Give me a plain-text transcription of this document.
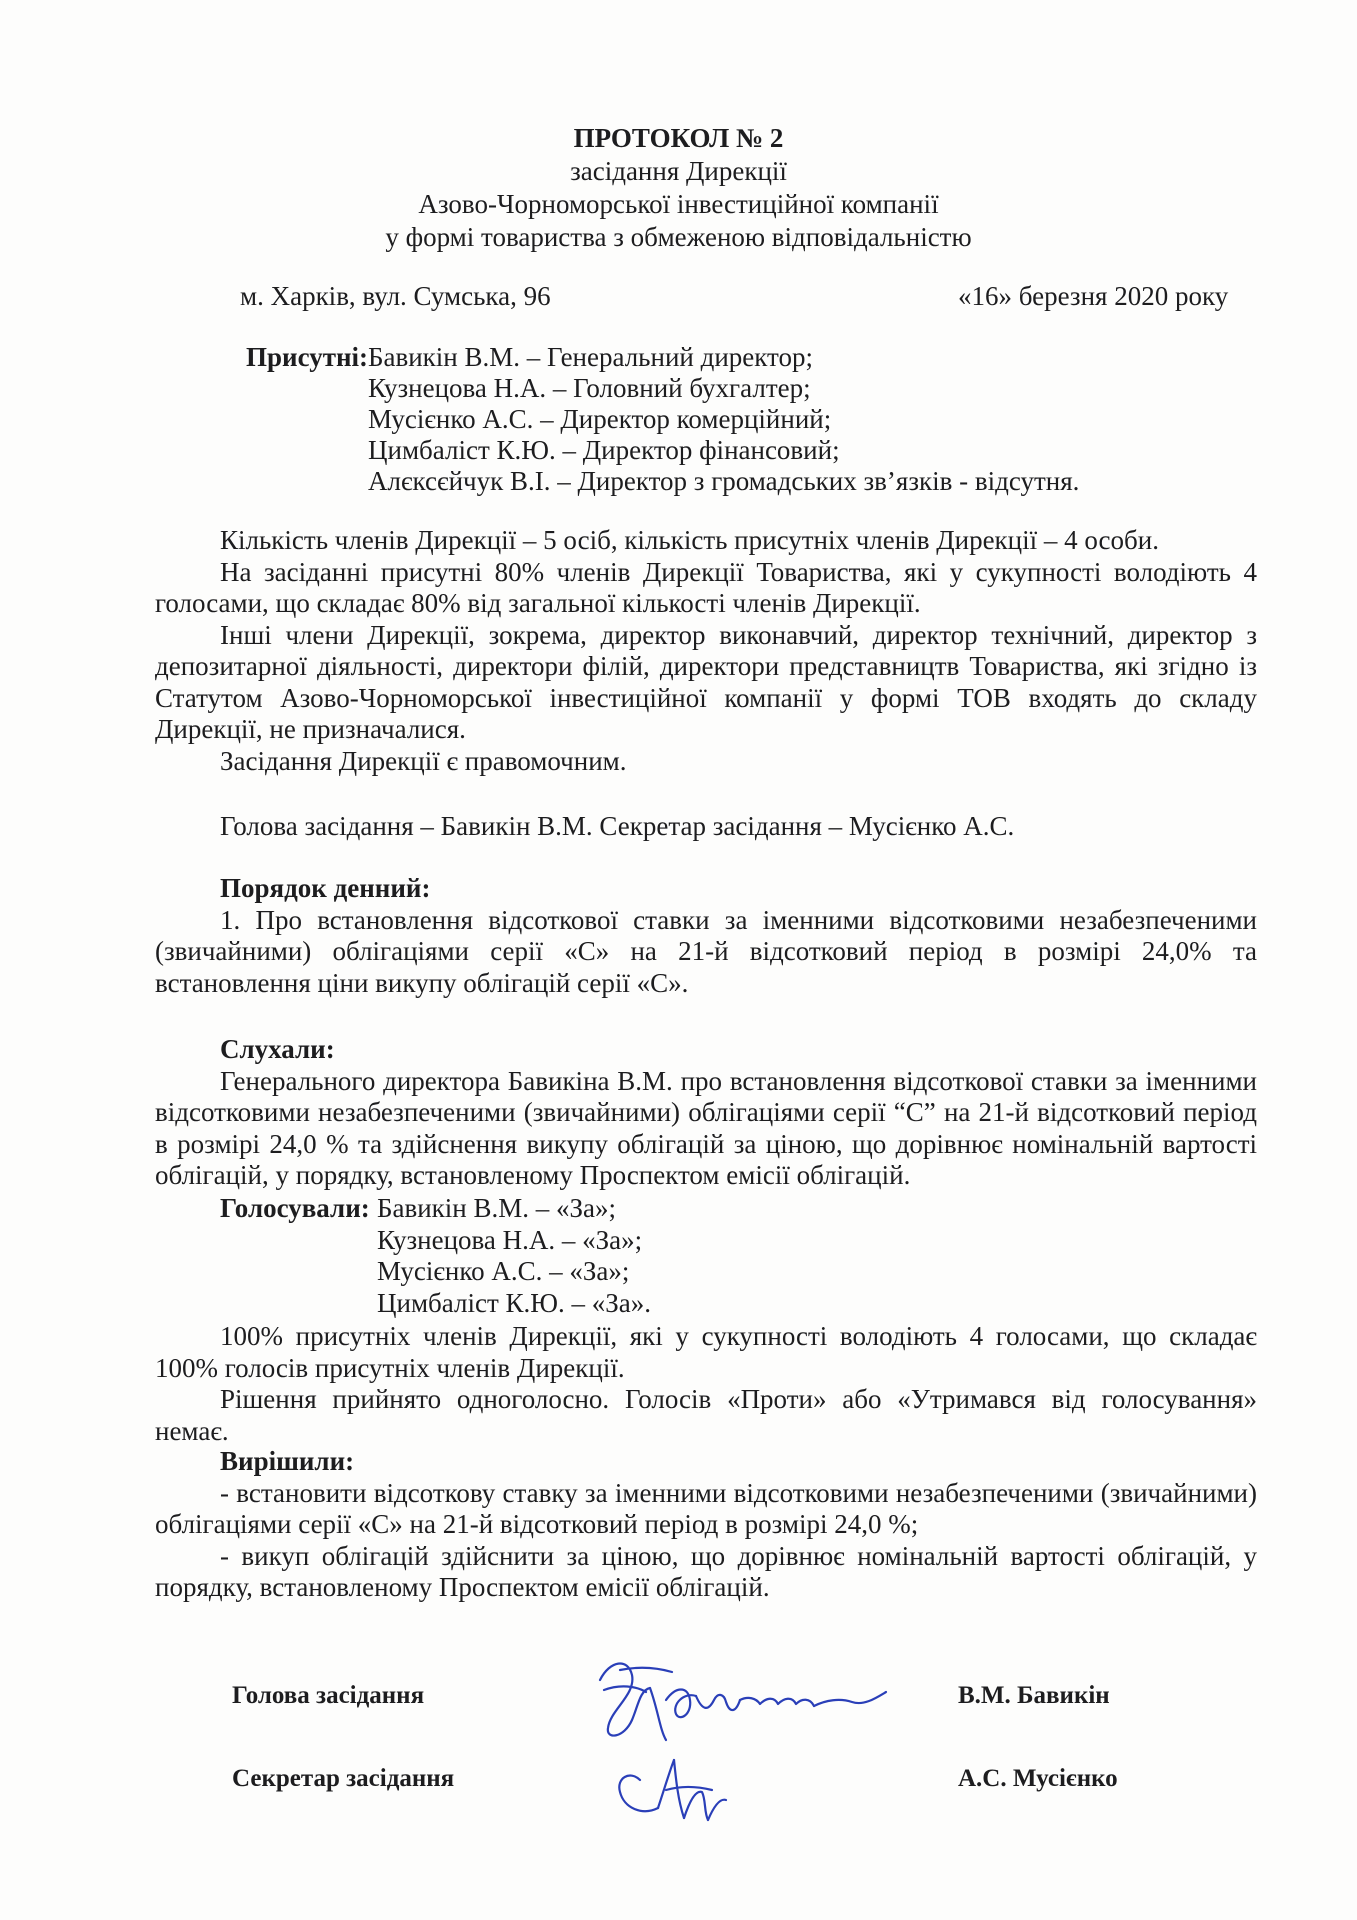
ПРОТОКОЛ № 2
засідання Дирекції
Азово-Чорноморської інвестиційної компанії
у формі товариства з обмеженою відповідальністю
м. Харків, вул. Сумська, 96	«16» березня 2020 року
Присутні:Бавикін В.М. – Генеральний директор;
Кузнецова Н.А. – Головний бухгалтер;
Мусієнко А.С. – Директор комерційний;
Цимбаліст К.Ю. – Директор фінансовий;
Алєксєйчук В.І. – Директор з громадських зв’язків - відсутня.

Кількість членів Дирекції – 5 осіб, кількість присутніх членів Дирекції – 4 особи.

На засіданні присутні 80% членів Дирекції Товариства, які у сукупності володіють 4 голосами, що складає 80% від загальної кількості членів Дирекції.

Інші члени Дирекції, зокрема, директор виконавчий, директор технічний, директор з депозитарної діяльності, директори філій, директори представництв Товариства, які згідно із Статутом Азово-Чорноморської інвестиційної компанії у формі ТОВ входять до складу Дирекції, не призначалися.

Засідання Дирекції є правомочним.

Голова засідання – Бавикін В.М. Секретар засідання – Мусієнко А.С.

Порядок денний:

1. Про встановлення відсоткової ставки за іменними відсотковими незабезпеченими (звичайними) облігаціями серії «С» на 21-й відсотковий період в розмірі 24,0% та встановлення ціни викупу облігацій серії «С».

Слухали:

Генерального директора Бавикіна В.М. про встановлення відсоткової ставки за іменними відсотковими незабезпеченими (звичайними) облігаціями серії “С” на 21-й відсотковий період в розмірі 24,0 % та здійснення викупу облігацій за ціною, що дорівнює номінальній вартості облігацій, у порядку, встановленому Проспектом емісії облігацій.

Голосували: Бавикін В.М. – «За»;
Кузнецова Н.А. – «За»;
Мусієнко А.С. – «За»;
Цимбаліст К.Ю. – «За».

100% присутніх членів Дирекції, які у сукупності володіють 4 голосами, що складає 100% голосів присутніх членів Дирекції.

Рішення прийнято одноголосно. Голосів «Проти» або «Утримався від голосування» немає.

Вирішили:

- встановити відсоткову ставку за іменними відсотковими незабезпеченими (звичайними) облігаціями серії «С» на 21-й відсотковий період в розмірі 24,0 %;

- викуп облігацій здійснити за ціною, що дорівнює номінальній вартості облігацій, у порядку, встановленому Проспектом емісії облігацій.

Голова засідання	В.М. Бавикін
Секретар засідання	А.С. Мусієнко
